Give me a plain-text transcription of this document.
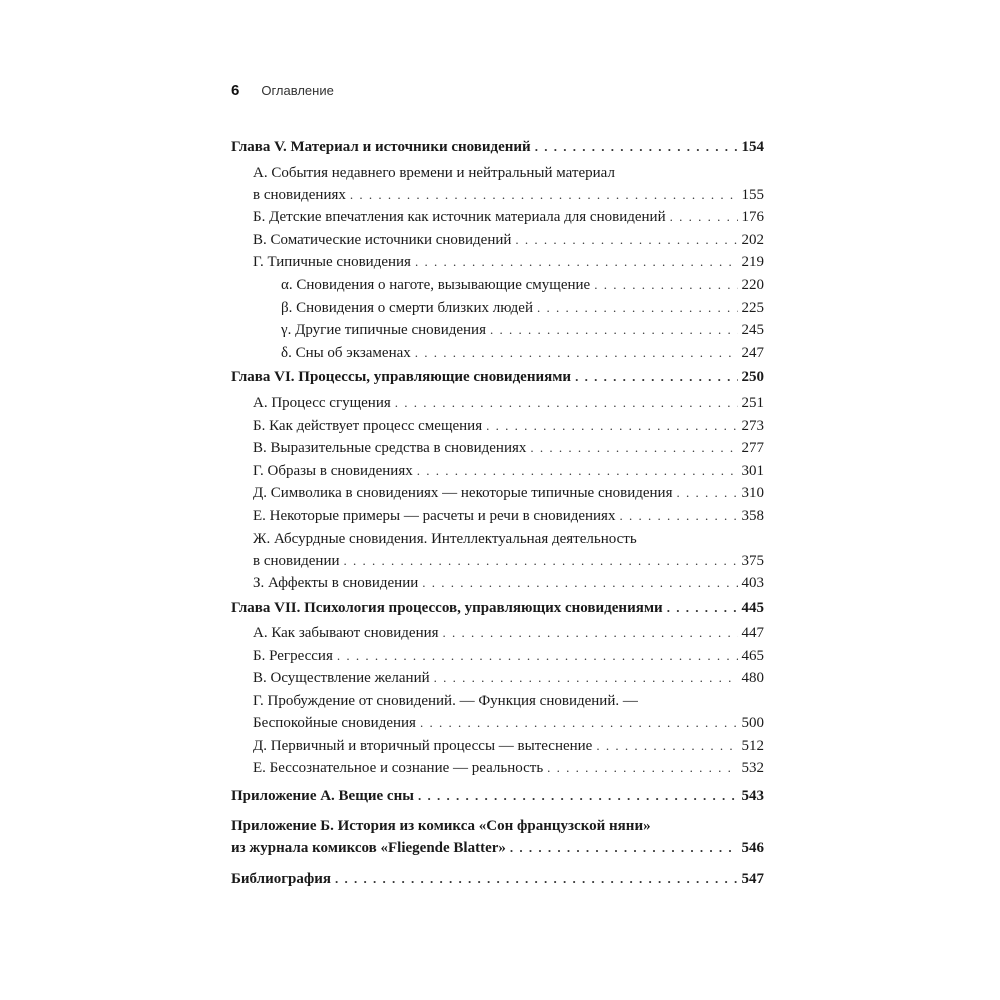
6 Оглавление
Глава V. Материал и источники сновидений . . .	154
А. События недавнего времени и нейтральный материал
в сновидениях . . .	155
Б. Детские впечатления как источник материала для сновидений . . .	176
В. Соматические источники сновидений . . .	202
Г. Типичные сновидения . . .	219
α. Сновидения о наготе, вызывающие смущение . . .	220
β. Сновидения о смерти близких людей . . .	225
γ. Другие типичные сновидения . . .	245
δ. Сны об экзаменах . . .	247
Глава VI. Процессы, управляющие сновидениями . . .	250
А. Процесс сгущения . . .	251
Б. Как действует процесс смещения . . .	273
В. Выразительные средства в сновидениях . . .	277
Г. Образы в сновидениях . . .	301
Д. Символика в сновидениях — некоторые типичные сновидения . . .	310
Е. Некоторые примеры — расчеты и речи в сновидениях . . .	358
Ж. Абсурдные сновидения. Интеллектуальная деятельность
в сновидении . . .	375
З. Аффекты в сновидении . . .	403
Глава VII. Психология процессов, управляющих сновидениями . . .	445
А. Как забывают сновидения . . .	447
Б. Регрессия . . .	465
В. Осуществление желаний . . .	480
Г. Пробуждение от сновидений. — Функция сновидений. —
Беспокойные сновидения . . .	500
Д. Первичный и вторичный процессы — вытеснение . . .	512
Е. Бессознательное и сознание — реальность . . .	532
Приложение А. Вещие сны . . .	543
Приложение Б. История из комикса «Сон французской няни»
из журнала комиксов «Fliegende Blatter» . . .	546
Библиография . . .	547
